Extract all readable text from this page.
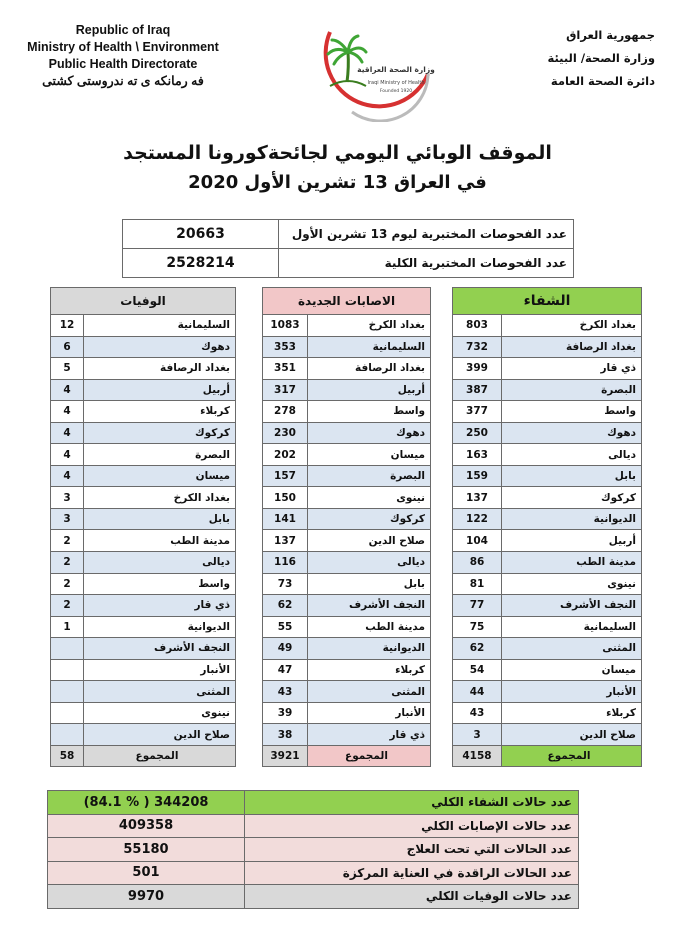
Republic of Iraq
Ministry of Health \ Environment
Public Health Directorate
فه رمانكه ى ته ندروستى كشتى
وزارة الصحة العراقية
Iraqi Ministry of Health
Founded 1920
جمهورية العراق
وزارة الصحة/ البيئة
دائرة الصحة العامة
الموقف الوبائي اليومي لجائحةكورونا المستجد
في العراق 13 تشرين الأول 2020
20663	عدد الفحوصات المختبرية ليوم 13 تشرين الأول
2528214	عدد الفحوصات المختبرية الكلية
الوفيات	
12	السليمانية
6	دهوك
5	بغداد الرصافة
4	أربيل
4	كربلاء
4	كركوك
4	البصرة
4	ميسان
3	بغداد الكرخ
3	بابل
2	مدينة الطب
2	ديالى
2	واسط
2	ذي قار
1	الديوانية
	النجف الأشرف
	الأنبار
	المثنى
	نينوى
	صلاح الدين
58	المجموع
الاصابات الجديدة	
1083	بغداد الكرخ
353	السليمانية
351	بغداد الرصافة
317	أربيل
278	واسط
230	دهوك
202	ميسان
157	البصرة
150	نينوى
141	كركوك
137	صلاح الدين
116	ديالى
73	بابل
62	النجف الأشرف
55	مدينة الطب
49	الديوانية
47	كربلاء
43	المثنى
39	الأنبار
38	ذي قار
3921	المجموع
الشفاء	
803	بغداد الكرخ
732	بغداد الرصافة
399	ذي قار
387	البصرة
377	واسط
250	دهوك
163	ديالى
159	بابل
137	كركوك
122	الديوانية
104	أربيل
86	مدينة الطب
81	نينوى
77	النجف الأشرف
75	السليمانية
62	المثنى
54	ميسان
44	الأنبار
43	كربلاء
3	صلاح الدين
4158	المجموع
(84.1 % ) 344208	عدد حالات الشفاء الكلي
409358	عدد حالات الإصابات الكلي
55180	عدد الحالات التي تحت العلاج
501	عدد الحالات الراقدة في العناية المركزة
9970	عدد حالات الوفيات الكلي
